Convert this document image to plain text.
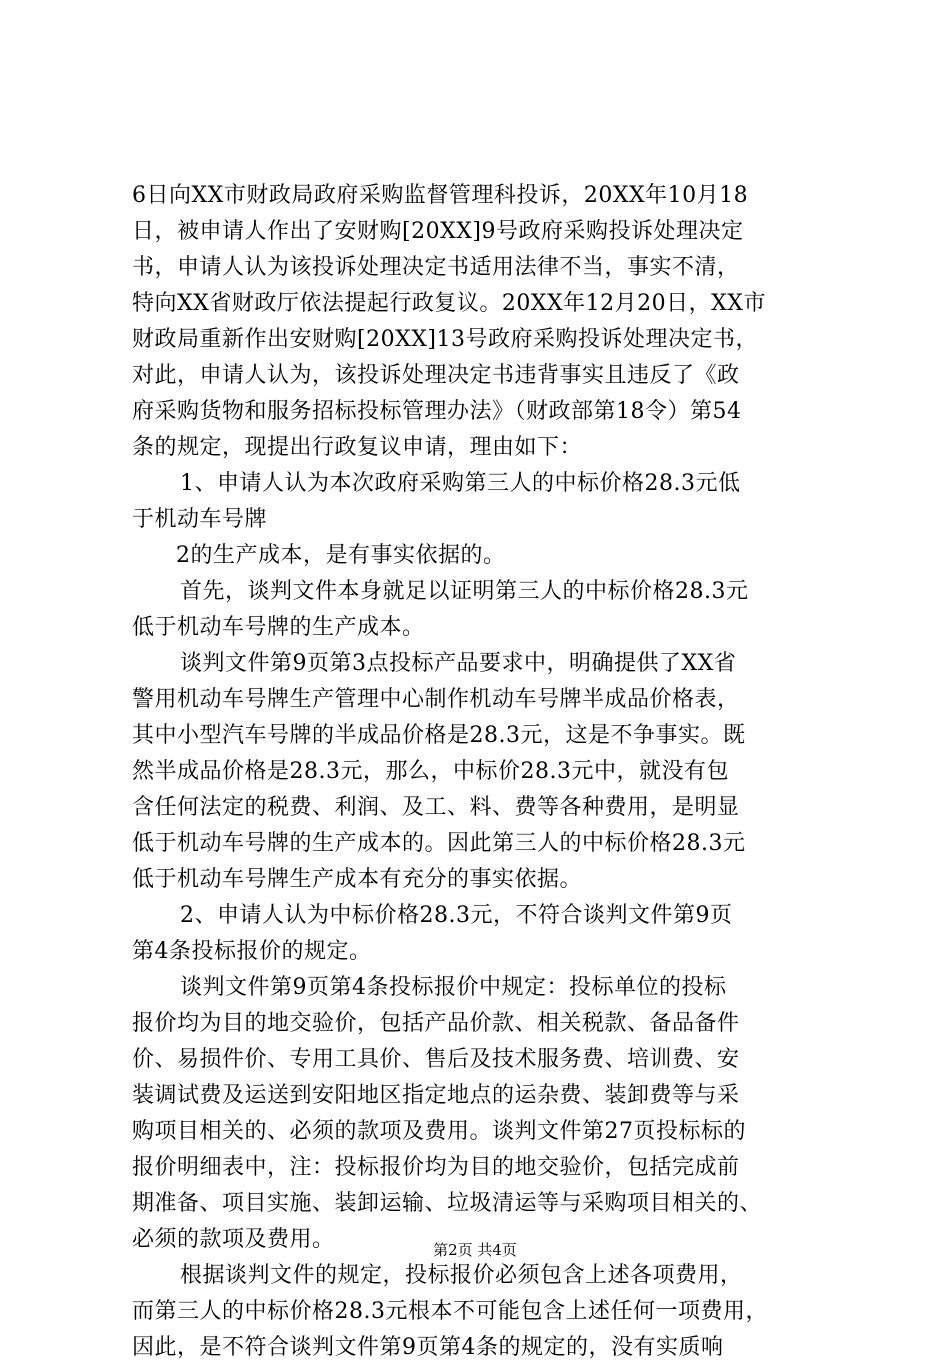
6日向XX市财政局政府采购监督管理科投诉，20XX年10月18
日，被申请人作出了安财购[20XX]9号政府采购投诉处理决定
书，申请人认为该投诉处理决定书适用法律不当，事实不清，
特向XX省财政厅依法提起行政复议。20XX年12月20日，XX市
财政局重新作出安财购[20XX]13号政府采购投诉处理决定书，
对此，申请人认为，该投诉处理决定书违背事实且违反了《政
府采购货物和服务招标投标管理办法》（财政部第18令）第54
条的规定，现提出行政复议申请，理由如下：
1、申请人认为本次政府采购第三人的中标价格28.3元低
于机动车号牌
2的生产成本，是有事实依据的。
首先，谈判文件本身就足以证明第三人的中标价格28.3元
低于机动车号牌的生产成本。
谈判文件第9页第3点投标产品要求中，明确提供了XX省
警用机动车号牌生产管理中心制作机动车号牌半成品价格表，
其中小型汽车号牌的半成品价格是28.3元，这是不争事实。既
然半成品价格是28.3元，那么，中标价28.3元中，就没有包
含任何法定的税费、利润、及工、料、费等各种费用，是明显
低于机动车号牌的生产成本的。因此第三人的中标价格28.3元
低于机动车号牌生产成本有充分的事实依据。
2、申请人认为中标价格28.3元，不符合谈判文件第9页
第4条投标报价的规定。
谈判文件第9页第4条投标报价中规定：投标单位的投标
报价均为目的地交验价，包括产品价款、相关税款、备品备件
价、易损件价、专用工具价、售后及技术服务费、培训费、安
装调试费及运送到安阳地区指定地点的运杂费、装卸费等与采
购项目相关的、必须的款项及费用。谈判文件第27页投标标的
报价明细表中，注：投标报价均为目的地交验价，包括完成前
期准备、项目实施、装卸运输、垃圾清运等与采购项目相关的、
必须的款项及费用。
根据谈判文件的规定，投标报价必须包含上述各项费用，
而第三人的中标价格28.3元根本不可能包含上述任何一项费用，
因此，是不符合谈判文件第9页第4条的规定的，没有实质响
第2页 共4页
